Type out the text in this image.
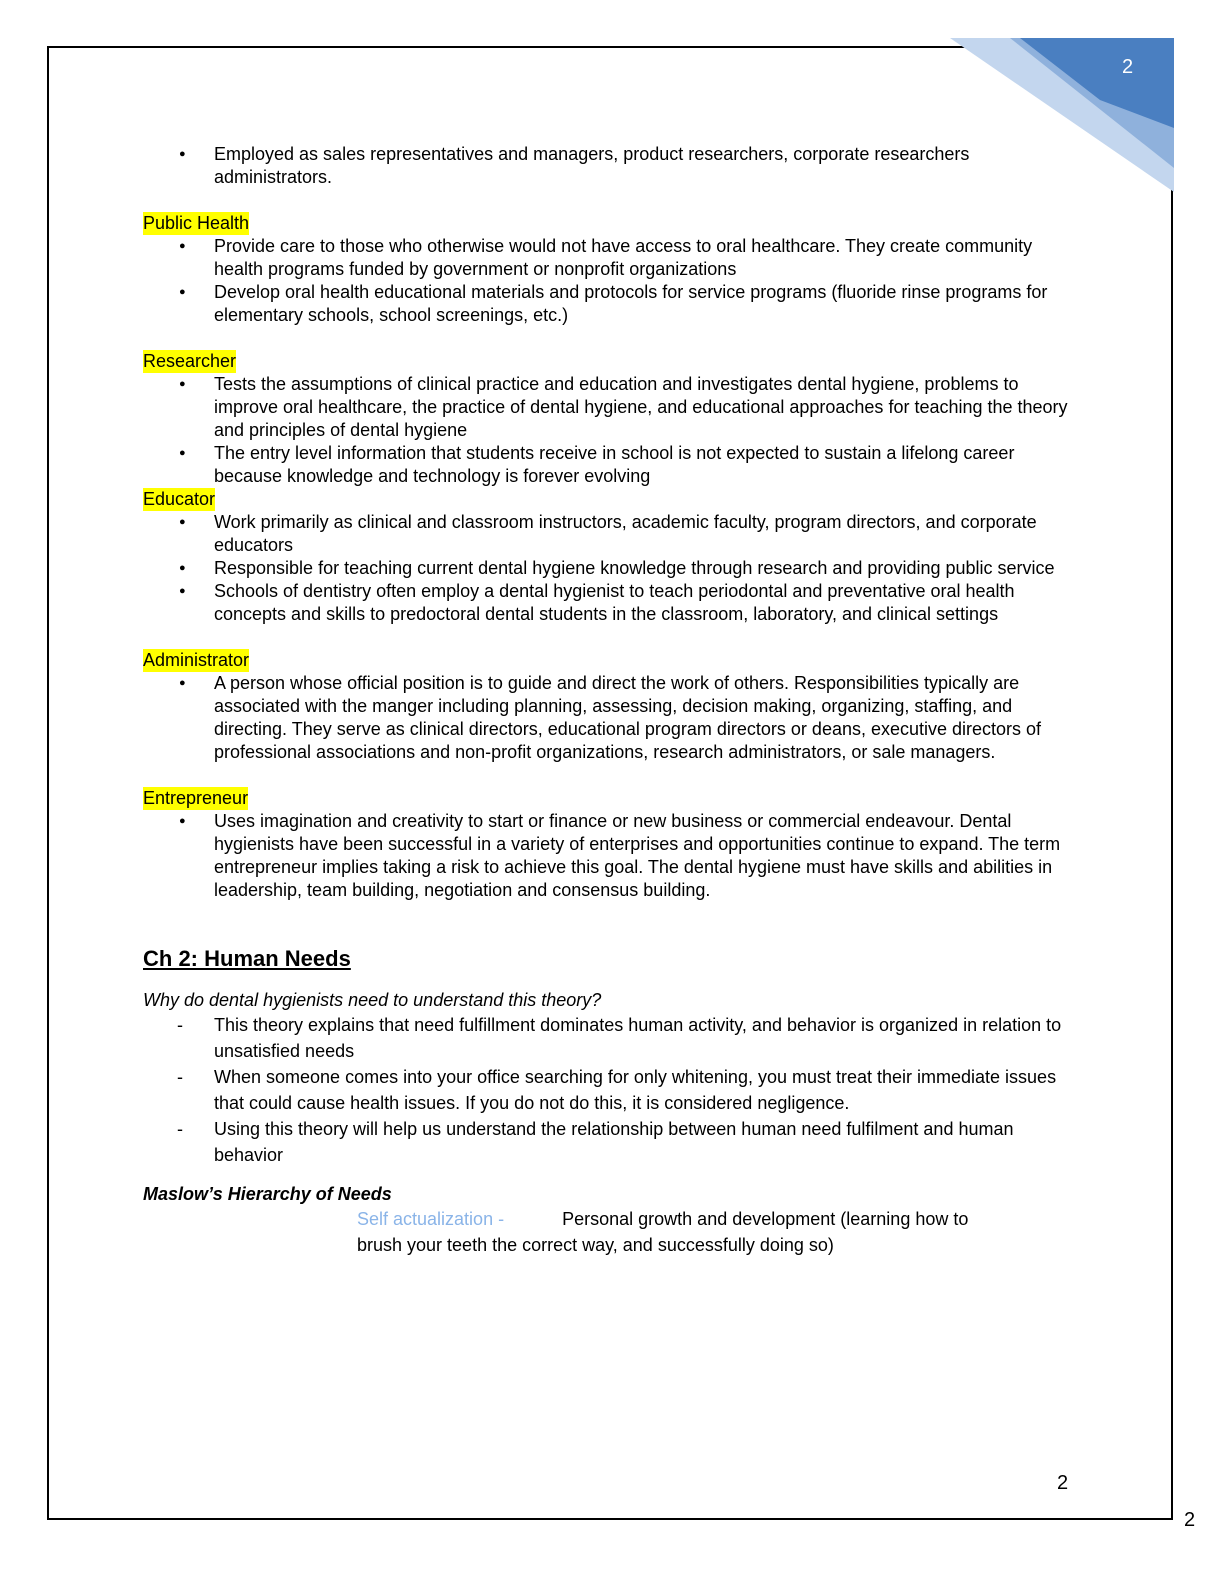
2
● Employed as sales representatives and managers, product researchers, corporate researchers administrators.
Public Health
● Provide care to those who otherwise would not have access to oral healthcare. They create community health programs funded by government or nonprofit organizations
● Develop oral health educational materials and protocols for service programs (fluoride rinse programs for elementary schools, school screenings, etc.)
Researcher
● Tests the assumptions of clinical practice and education and investigates dental hygiene, problems to improve oral healthcare, the practice of dental hygiene, and educational approaches for teaching the theory and principles of dental hygiene
● The entry level information that students receive in school is not expected to sustain a lifelong career because knowledge and technology is forever evolving
Educator
● Work primarily as clinical and classroom instructors, academic faculty, program directors, and corporate educators
● Responsible for teaching current dental hygiene knowledge through research and providing public service
● Schools of dentistry often employ a dental hygienist to teach periodontal and preventative oral health concepts and skills to predoctoral dental students in the classroom, laboratory, and clinical settings
Administrator
● A person whose official position is to guide and direct the work of others. Responsibilities typically are associated with the manger including planning, assessing, decision making, organizing, staffing, and directing. They serve as clinical directors, educational program directors or deans, executive directors of professional associations and non-profit organizations, research administrators, or sale managers.
Entrepreneur
● Uses imagination and creativity to start or finance or new business or commercial endeavour. Dental hygienists have been successful in a variety of enterprises and opportunities continue to expand. The term entrepreneur implies taking a risk to achieve this goal. The dental hygiene must have skills and abilities in leadership, team building, negotiation and consensus building.
Ch 2: Human Needs
Why do dental hygienists need to understand this theory?
- This theory explains that need fulfillment dominates human activity, and behavior is organized in relation to unsatisfied needs
- When someone comes into your office searching for only whitening, you must treat their immediate issues that could cause health issues. If you do not do this, it is considered negligence.
- Using this theory will help us understand the relationship between human need fulfilment and human behavior
Maslow’s Hierarchy of Needs
Self actualization -	Personal growth and development (learning how to brush your teeth the correct way, and successfully doing so)
2
2
